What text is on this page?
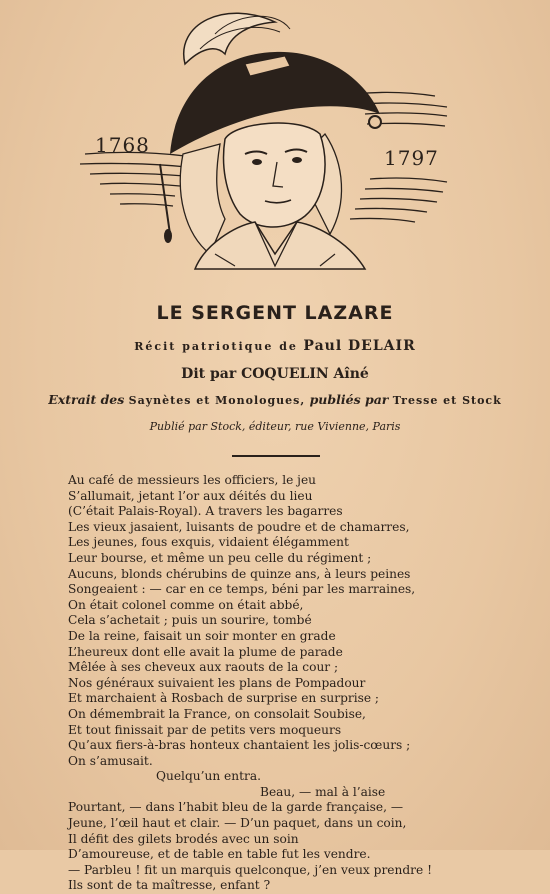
1768
1797
LE SERGENT LAZARE
Récit patriotique de Paul DELAIR
Dit par COQUELIN Aîné
Extrait des Saynètes et Monologues, publiés par Tresse et Stock
Publié par Stock, éditeur, rue Vivienne, Paris
Au café de messieurs les officiers, le jeu
S’allumait, jetant l’or aux déités du lieu
(C’était Palais-Royal). A travers les bagarres
Les vieux jasaient, luisants de poudre et de chamarres,
Les jeunes, fous exquis, vidaient élégamment
Leur bourse, et même un peu celle du régiment ;
Aucuns, blonds chérubins de quinze ans, à leurs peines
Songeaient : — car en ce temps, béni par les marraines,
On était colonel comme on était abbé,
Cela s’achetait ; puis un sourire, tombé
De la reine, faisait un soir monter en grade
L’heureux dont elle avait la plume de parade
Mêlée à ses cheveux aux raouts de la cour ;
Nos généraux suivaient les plans de Pompadour
Et marchaient à Rosbach de surprise en surprise ;
On démembrait la France, on consolait Soubise,
Et tout finissait par de petits vers moqueurs
Qu’aux fiers-à-bras honteux chantaient les jolis-cœurs ;
On s’amusait.
Quelqu’un entra.
Beau, — mal à l’aise
Pourtant, — dans l’habit bleu de la garde française, —
Jeune, l’œil haut et clair. — D’un paquet, dans un coin,
Il défit des gilets brodés avec un soin
D’amoureuse, et de table en table fut les vendre.
— Parbleu ! fit un marquis quelconque, j’en veux prendre !
Ils sont de ta maîtresse, enfant ?
